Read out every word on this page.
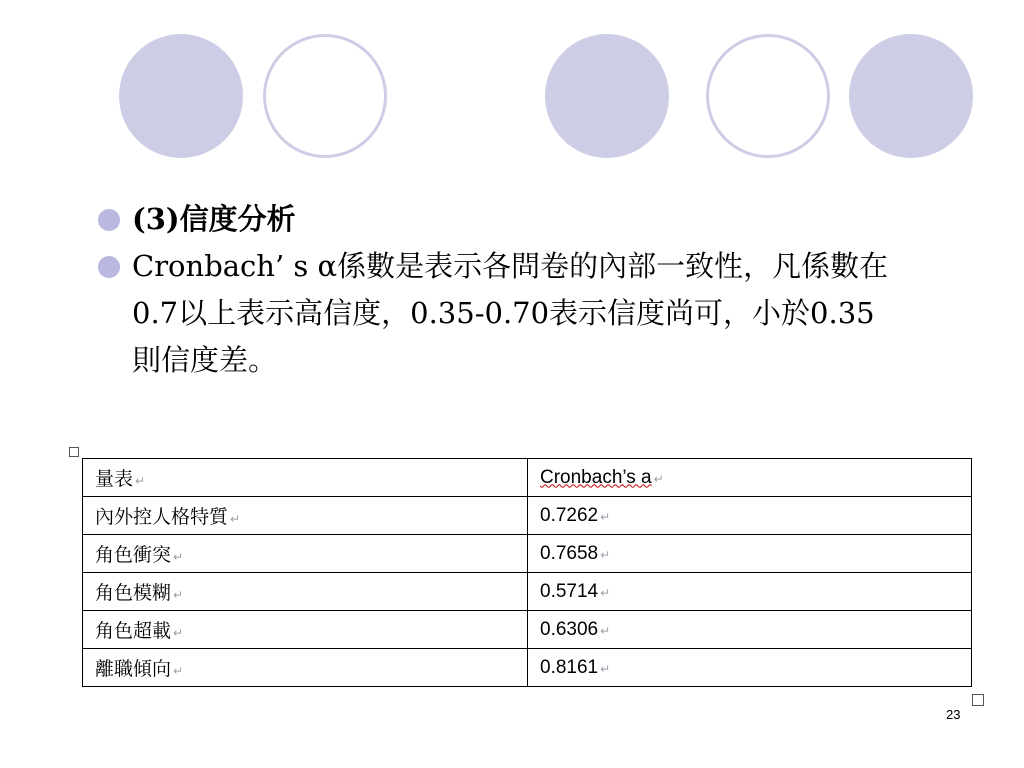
(3)信度分析
Cronbach’ s α係數是表示各問卷的內部一致性，凡係數在0.7以上表示高信度，0.35-0.70表示信度尚可，小於0.35則信度差。
量表 ↵	Cronbach’s a ↵
內外控人格特質 ↵	0.7262 ↵
角色衝突 ↵	0.7658 ↵
角色模糊 ↵	0.5714 ↵
角色超載 ↵	0.6306 ↵
離職傾向 ↵	0.8161 ↵
23
